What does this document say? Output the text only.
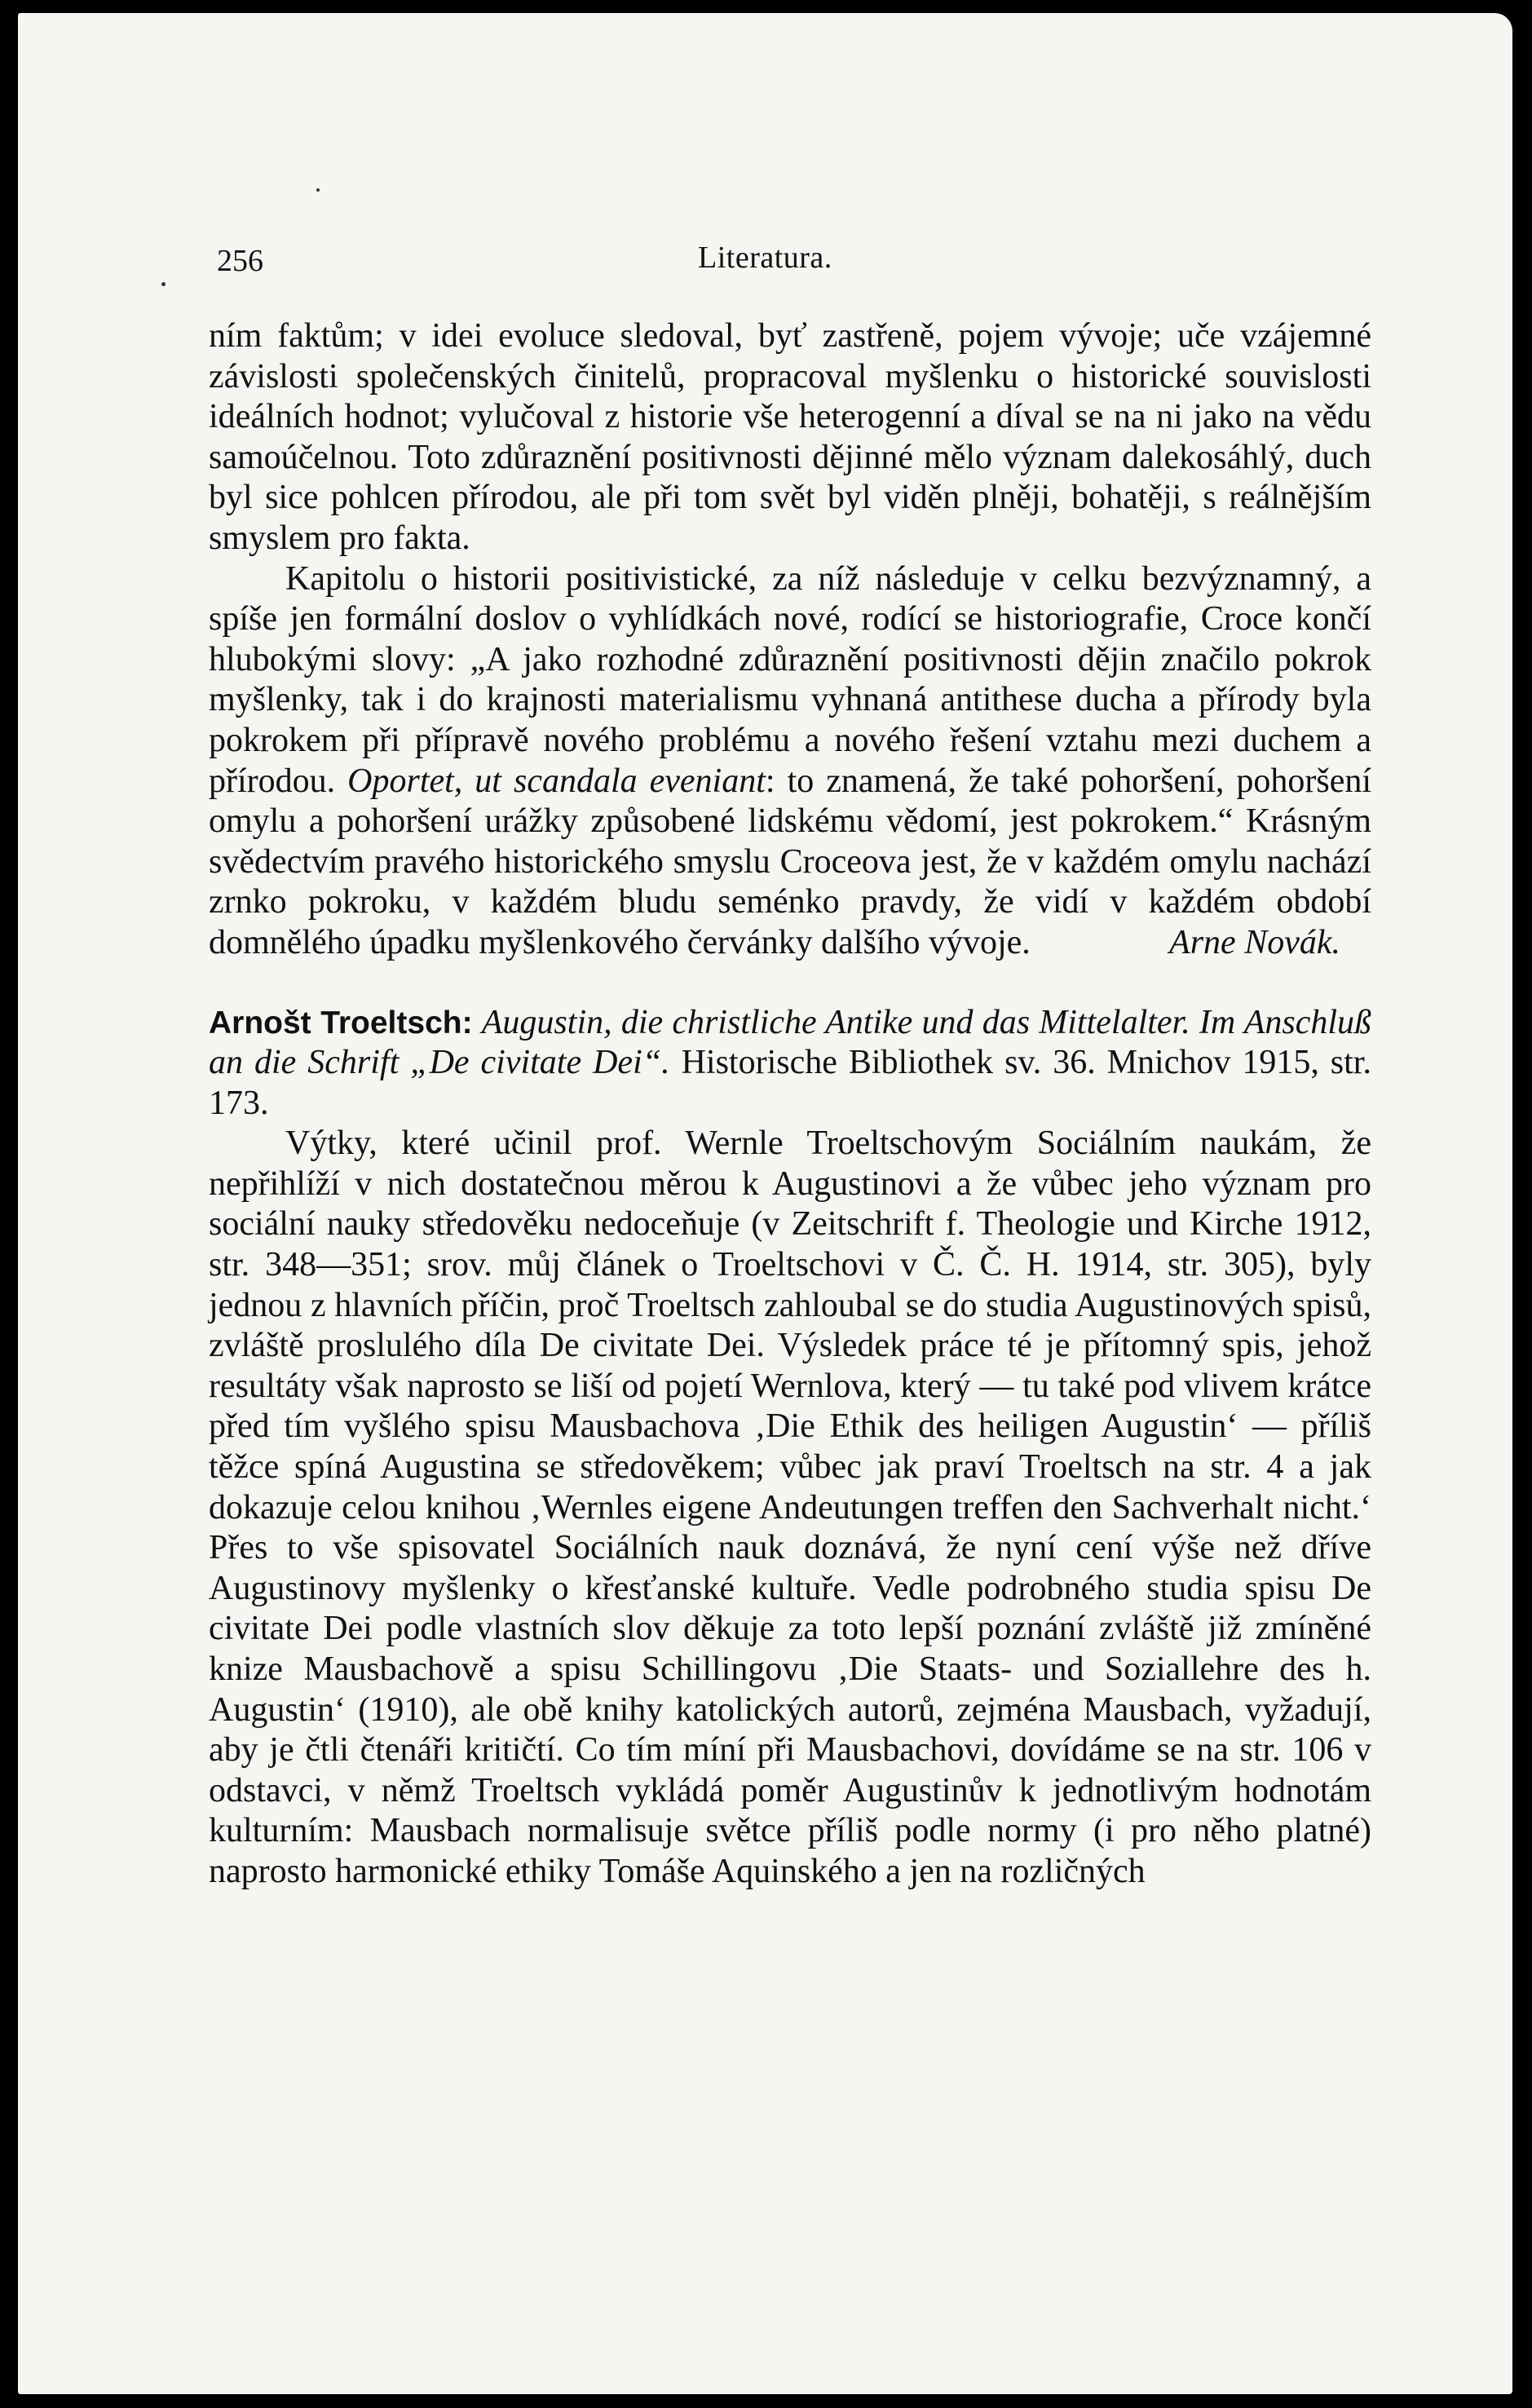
256	Literatura.

ním faktům; v idei evoluce sledoval, byť zastřeně, pojem vývoje; uče vzájemné závislosti společenských činitelů, propracoval myšlenku o historické souvislosti ideálních hodnot; vylučoval z historie vše heterogenní a díval se na ni jako na vědu samoúčelnou. Toto zdůraznění positivnosti dějinné mělo význam dalekosáhlý, duch byl sice pohlcen přírodou, ale při tom svět byl viděn plněji, bohatěji, s reálnějším smyslem pro fakta.

Kapitolu o historii positivistické, za níž následuje v celku bezvýznamný, a spíše jen formální doslov o vyhlídkách nové, rodící se historiografie, Croce končí hlubokými slovy: „A jako rozhodné zdůraznění positivnosti dějin značilo pokrok myšlenky, tak i do krajnosti materialismu vyhnaná antithese ducha a přírody byla pokrokem při přípravě nového problému a nového řešení vztahu mezi duchem a přírodou. Oportet, ut scandala eveniant: to znamená, že také pohoršení, pohoršení omylu a pohoršení urážky způsobené lidskému vědomí, jest pokrokem.“ Krásným svědectvím pravého historického smyslu Croceova jest, že v každém omylu nachází zrnko pokroku, v každém bludu seménko pravdy, že vidí v každém období domnělého úpadku myšlenkového červánky dalšího vývoje.	Arne Novák.

Arnošt Troeltsch: Augustin, die christliche Antike und das Mittelalter. Im Anschluß an die Schrift „De civitate Dei“. Historische Bibliothek sv. 36. Mnichov 1915, str. 173.

Výtky, které učinil prof. Wernle Troeltschovým Sociálním naukám, že nepřihlíží v nich dostatečnou měrou k Augustinovi a že vůbec jeho význam pro sociální nauky středověku nedoceňuje (v Zeitschrift f. Theologie und Kirche 1912, str. 348—351; srov. můj článek o Troeltschovi v Č. Č. H. 1914, str. 305), byly jednou z hlavních příčin, proč Troeltsch zahloubal se do studia Augustinových spisů, zvláště proslulého díla De civitate Dei. Výsledek práce té je přítomný spis, jehož resultáty však naprosto se liší od pojetí Wernlova, který — tu také pod vlivem krátce před tím vyšlého spisu Mausbachova ‚Die Ethik des heiligen Augustin‘ — příliš těžce spíná Augustina se středověkem; vůbec jak praví Troeltsch na str. 4 a jak dokazuje celou knihou ‚Wernles eigene Andeutungen treffen den Sachverhalt nicht.‘ Přes to vše spisovatel Sociálních nauk doznává, že nyní cení výše než dříve Augustinovy myšlenky o křesťanské kultuře. Vedle podrobného studia spisu De civitate Dei podle vlastních slov děkuje za toto lepší poznání zvláště již zmíněné knize Mausbachově a spisu Schillingovu ‚Die Staats- und Soziallehre des h. Augustin‘ (1910), ale obě knihy katolických autorů, zejména Mausbach, vyžadují, aby je čtli čtenáři kritičtí. Co tím míní při Mausbachovi, dovídáme se na str. 106 v odstavci, v němž Troeltsch vykládá poměr Augustinův k jednotlivým hodnotám kulturním: Mausbach normalisuje světce příliš podle normy (i pro něho platné) naprosto harmonické ethiky Tomáše Aquinského a jen na rozličných
